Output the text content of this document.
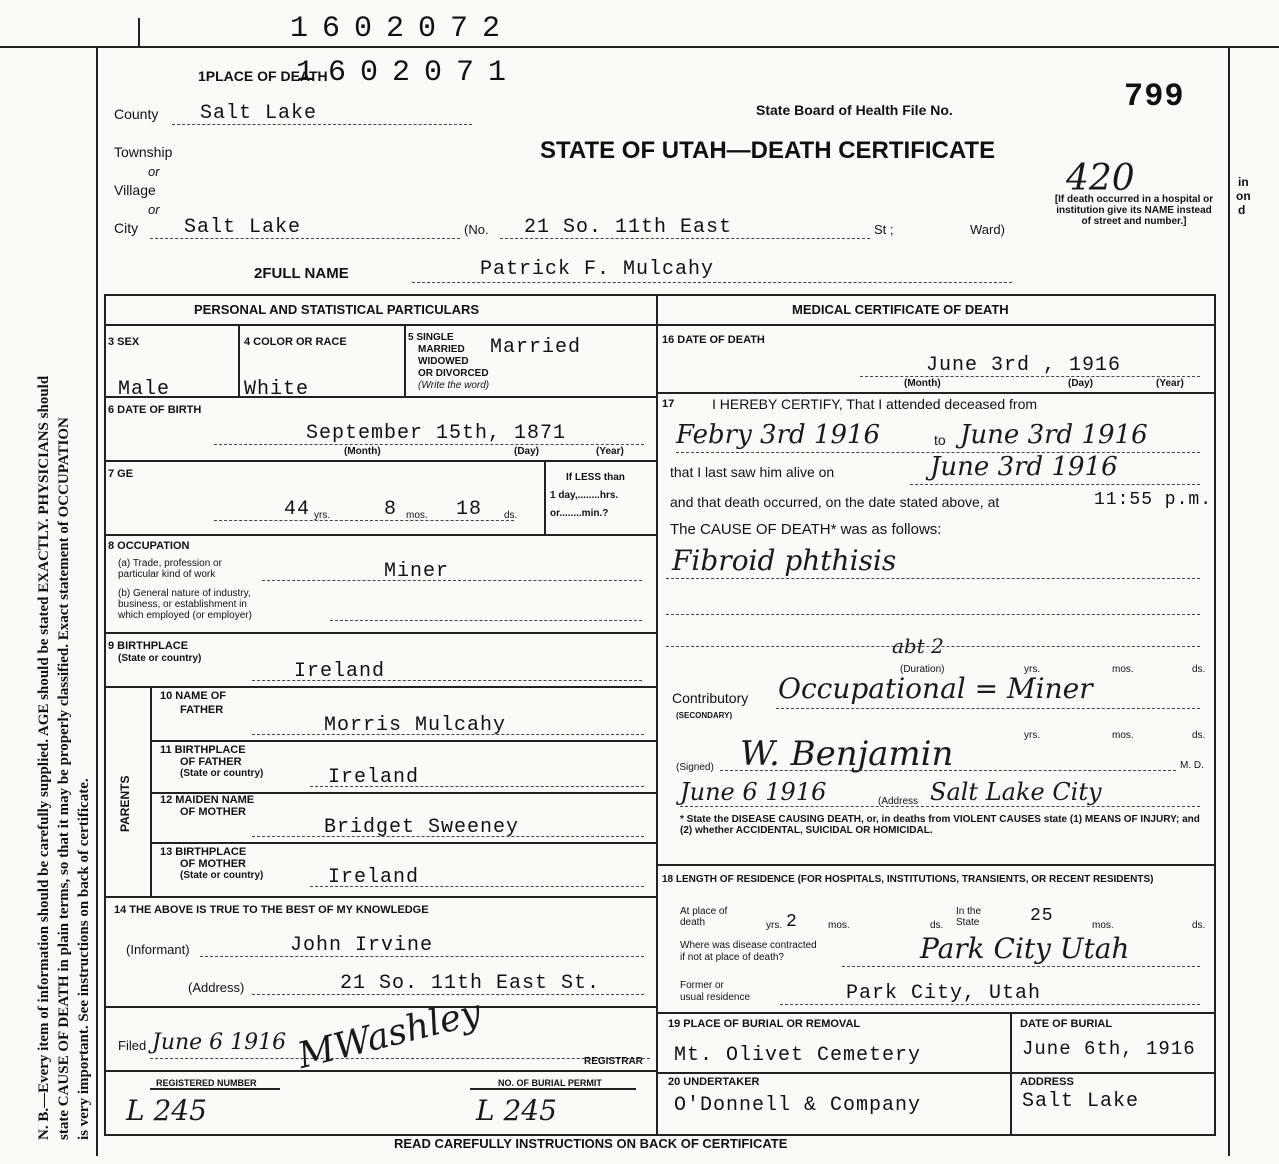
N. B.—Every item of information should be carefully supplied. AGE should be stated EXACTLY. PHYSICIANS should state CAUSE OF DEATH in plain terms, so that it may be properly classified. Exact statement of OCCUPATION is very important. See instructions on back of certificate.
in
on
d
1602072
1602071
1PLACE OF DEATH
County Salt Lake
Township
or
Village
or
City Salt Lake	(No. 21 So. 11th East	St ;	Ward)
State Board of Health File No.	799
STATE OF UTAH—DEATH CERTIFICATE
420
[If death occurred in a hospital or institution give its NAME instead of street and number.]
2FULL NAME	Patrick F. Mulcahy
PERSONAL AND STATISTICAL PARTICULARS	MEDICAL CERTIFICATE OF DEATH
3 SEX
Male
4 COLOR OR RACE
White
5 SINGLE
MARRIED
WIDOWED
OR DIVORCED
(Write the word)
Married
6 DATE OF BIRTH
September 15th, 1871
(Month)	(Day)	(Year)
7 GE
44 yrs.	8 mos. 18 ds.
If LESS than
1 day,........hrs.
or........min.?
8 OCCUPATION
(a) Trade, profession or
particular kind of work	Miner
(b) General nature of industry,
business, or establishment in
which employed (or employer)
9 BIRTHPLACE
(State or country)
Ireland
PARENTS
10 NAME OF
FATHER
Morris Mulcahy
11 BIRTHPLACE
OF FATHER
(State or country)	Ireland
12 MAIDEN NAME
OF MOTHER
Bridget Sweeney
13 BIRTHPLACE
OF MOTHER
(State or country)	Ireland
14 THE ABOVE IS TRUE TO THE BEST OF MY KNOWLEDGE
(Informant)	John Irvine
(Address)	21 So. 11th East St.
Filed June 6 1916 MWashley	REGISTRAR
REGISTERED NUMBER	NO. OF BURIAL PERMIT
L 245	L 245
16 DATE OF DEATH
June 3rd , 1916
(Month)	(Day)	(Year)
17	I HEREBY CERTIFY, That I attended deceased from
Febry 3rd 1916	to June 3rd 1916
that I last saw him alive on	June 3rd 1916
and that death occurred, on the date stated above, at	11:55 p.m.
The CAUSE OF DEATH* was as follows:
Fibroid phthisis
abt 2
(Duration)	yrs.	mos.	ds.
Contributory
(SECONDARY)
Occupational = Miner
yrs.	mos.	ds.
W. Benjamin
(Signed)	M. D.
June 6 1916	(Address Salt Lake City
* State the DISEASE CAUSING DEATH, or, in deaths from VIOLENT CAUSES state (1) MEANS OF INJURY; and (2) whether ACCIDENTAL, SUICIDAL OR HOMICIDAL.
18 LENGTH OF RESIDENCE (FOR HOSPITALS, INSTITUTIONS, TRANSIENTS, OR RECENT RESIDENTS)
At place of death	2
yrs.	mos.	ds.
In the State	25	mos.	ds.
Where was disease contracted
if not at place of death?	Park City Utah
Former or
usual residence	Park City, Utah
19 PLACE OF BURIAL OR REMOVAL
Mt. Olivet Cemetery
DATE OF BURIAL
June 6th, 1916
20 UNDERTAKER
O'Donnell & Company
ADDRESS
Salt Lake
READ CAREFULLY INSTRUCTIONS ON BACK OF CERTIFICATE
